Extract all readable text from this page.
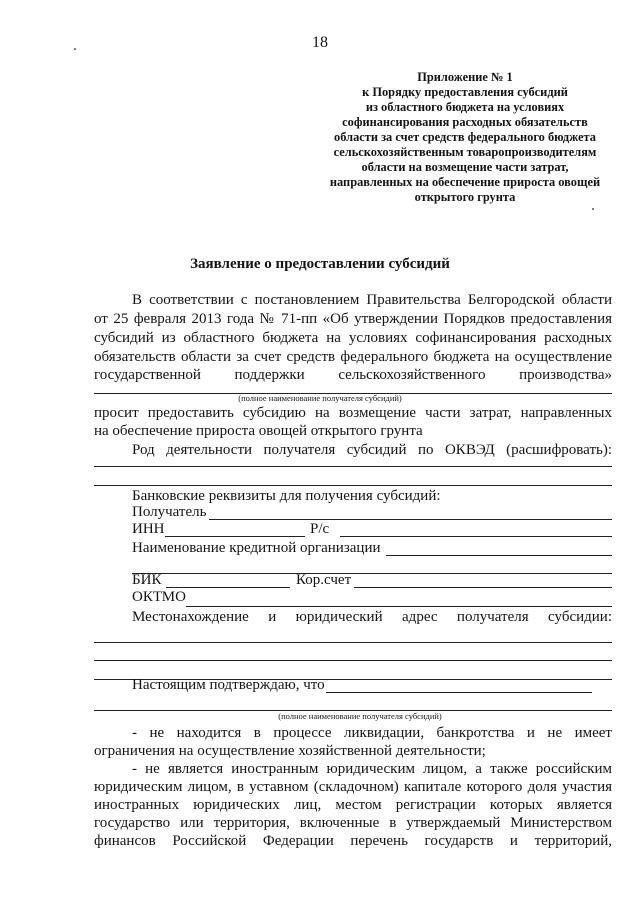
18
Приложение № 1
к Порядку предоставления субсидий
из областного бюджета на условиях
софинансирования расходных обязательств
области за счет средств федерального бюджета
сельскохозяйственным товаропроизводителям
области на возмещение части затрат,
направленных на обеспечение прироста овощей
открытого грунта
Заявление о предоставлении субсидий
В соответствии с постановлением Правительства Белгородской области
от 25 февраля 2013 года № 71-пп «Об утверждении Порядков предоставления
субсидий из областного бюджета на условиях софинансирования расходных
обязательств области за счет средств федерального бюджета на осуществление
государственной поддержки сельскохозяйственного производства»
(полное наименование получателя субсидий)
просит предоставить субсидию на возмещение части затрат, направленных
на обеспечение прироста овощей открытого грунта
Род деятельности получателя субсидий по ОКВЭД (расшифровать):
Банковские реквизиты для получения субсидий:
Получатель
ИНН	Р/с
Наименование кредитной организации
БИК	Кор.счет
ОКТМО
Местонахождение и юридический адрес получателя субсидии:
Настоящим подтверждаю, что
(полное наименование получателя субсидий)
- не находится в процессе ликвидации, банкротства и не имеет
ограничения на осуществление хозяйственной деятельности;
- не является иностранным юридическим лицом, а также российским
юридическим лицом, в уставном (складочном) капитале которого доля участия
иностранных юридических лиц, местом регистрации которых является
государство или территория, включенные в утверждаемый Министерством
финансов Российской Федерации перечень государств и территорий,
